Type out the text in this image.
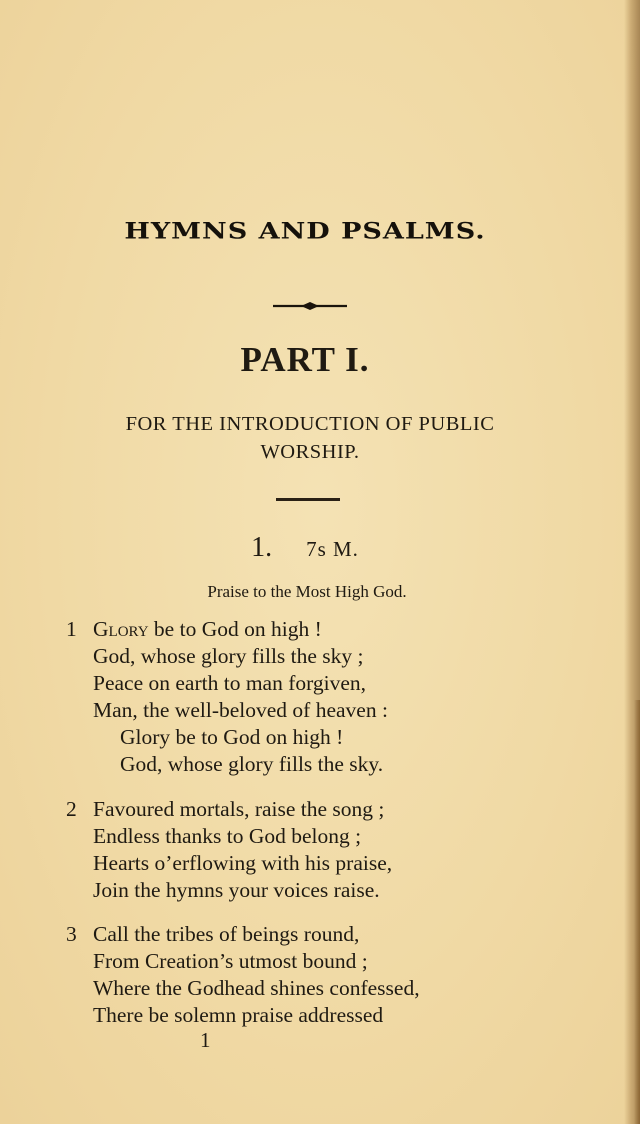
HYMNS AND PSALMS.
PART I.
FOR THE INTRODUCTION OF PUBLIC
WORSHIP.
1. 7s M.
Praise to the Most High God.
1 Glory be to God on high !
God, whose glory fills the sky ;
Peace on earth to man forgiven,
Man, the well-beloved of heaven :
Glory be to God on high !
God, whose glory fills the sky.
2 Favoured mortals, raise the song ;
Endless thanks to God belong ;
Hearts o’erflowing with his praise,
Join the hymns your voices raise.
3 Call the tribes of beings round,
From Creation’s utmost bound ;
Where the Godhead shines confessed,
There be solemn praise addressed
1
